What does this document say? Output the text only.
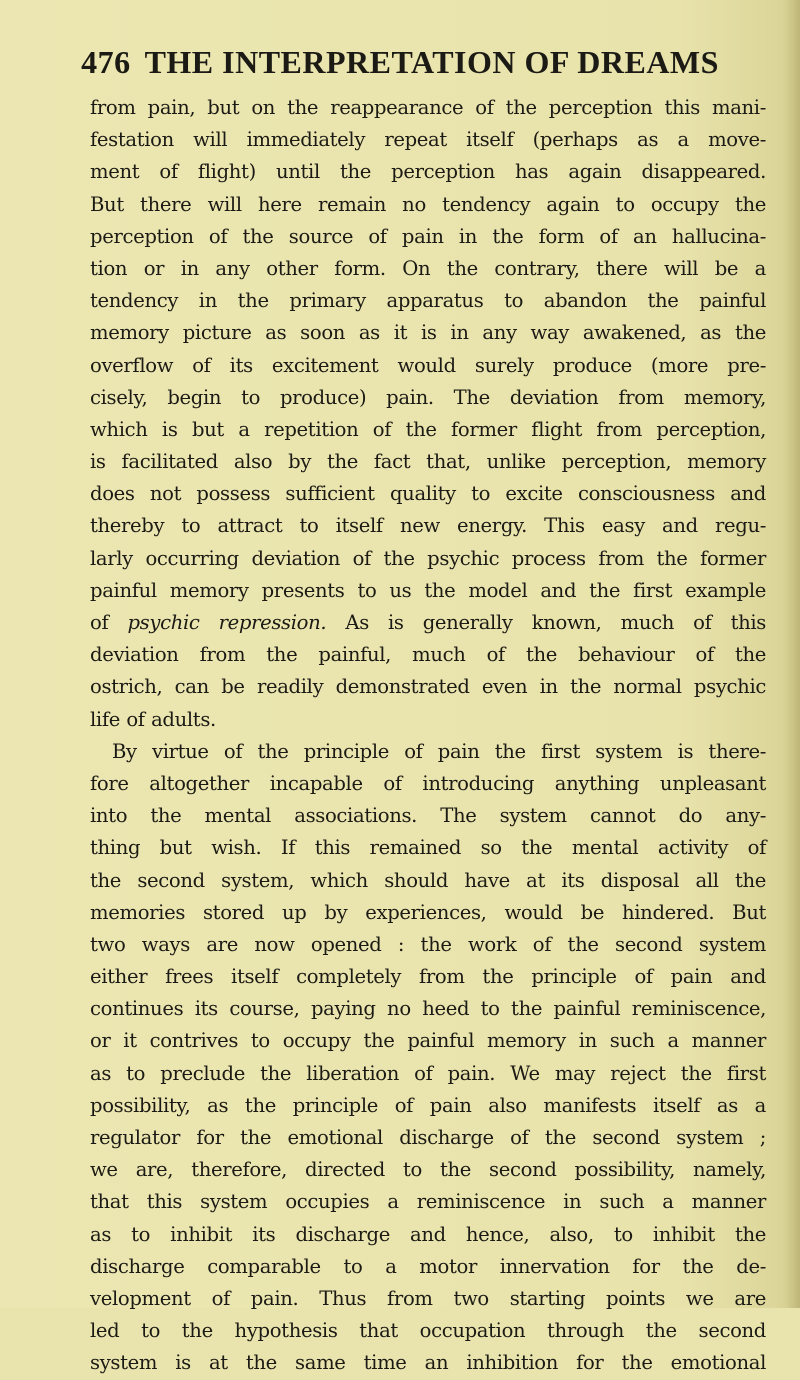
476 THE INTERPRETATION OF DREAMS
from pain, but on the reappearance of the perception this mani-
festation will immediately repeat itself (perhaps as a move-
ment of flight) until the perception has again disappeared.
But there will here remain no tendency again to occupy the
perception of the source of pain in the form of an hallucina-
tion or in any other form. On the contrary, there will be a
tendency in the primary apparatus to abandon the painful
memory picture as soon as it is in any way awakened, as the
overflow of its excitement would surely produce (more pre-
cisely, begin to produce) pain. The deviation from memory,
which is but a repetition of the former flight from perception,
is facilitated also by the fact that, unlike perception, memory
does not possess sufficient quality to excite consciousness and
thereby to attract to itself new energy. This easy and regu-
larly occurring deviation of the psychic process from the former
painful memory presents to us the model and the first example
of psychic repression. As is generally known, much of this
deviation from the painful, much of the behaviour of the
ostrich, can be readily demonstrated even in the normal psychic
life of adults.
By virtue of the principle of pain the first system is there-
fore altogether incapable of introducing anything unpleasant
into the mental associations. The system cannot do any-
thing but wish. If this remained so the mental activity of
the second system, which should have at its disposal all the
memories stored up by experiences, would be hindered. But
two ways are now opened : the work of the second system
either frees itself completely from the principle of pain and
continues its course, paying no heed to the painful reminiscence,
or it contrives to occupy the painful memory in such a manner
as to preclude the liberation of pain. We may reject the first
possibility, as the principle of pain also manifests itself as a
regulator for the emotional discharge of the second system ;
we are, therefore, directed to the second possibility, namely,
that this system occupies a reminiscence in such a manner
as to inhibit its discharge and hence, also, to inhibit the
discharge comparable to a motor innervation for the de-
velopment of pain. Thus from two starting points we are
led to the hypothesis that occupation through the second
system is at the same time an inhibition for the emotional
